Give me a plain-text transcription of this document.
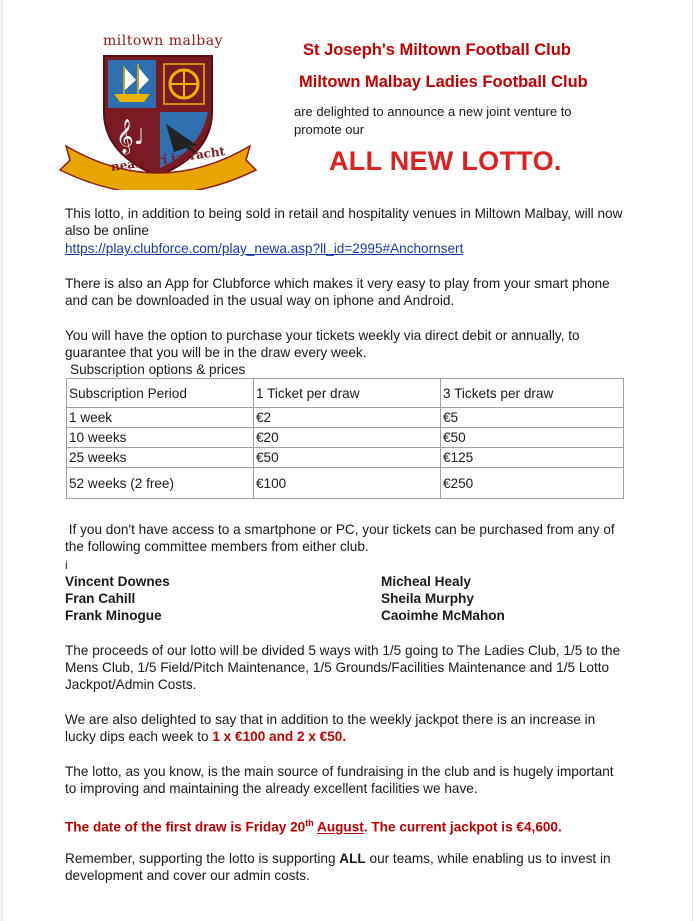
miltown malbay
𝄞 ♩
neart trí iarracht
St Joseph's Miltown Football Club
Miltown Malbay Ladies Football Club
are delighted to announce a new joint venture to promote our
ALL NEW LOTTO.
This lotto, in addition to being sold in retail and hospitality venues in Miltown Malbay, will now also be online
https://play.clubforce.com/play_newa.asp?ll_id=2995#Anchornsert
There is also an App for Clubforce which makes it very easy to play from your smart phone and can be downloaded in the usual way on iphone and Android.
You will have the option to purchase your tickets weekly via direct debit or annually, to guarantee that you will be in the draw every week.
Subscription options & prices
Subscription Period	1 Ticket per draw	3 Tickets per draw
1 week	€2	€5
10 weeks	€20	€50
25 weeks	€50	€125
52 weeks (2 free)	€100	€250
If you don't have access to a smartphone or PC, your tickets can be purchased from any of the following committee members from either club.
i
Vincent Downes
Fran Cahill
Frank Minogue
Micheal Healy
Sheila Murphy
Caoimhe McMahon
The proceeds of our lotto will be divided 5 ways with 1/5 going to The Ladies Club, 1/5 to the Mens Club, 1/5 Field/Pitch Maintenance, 1/5 Grounds/Facilities Maintenance and 1/5 Lotto Jackpot/Admin Costs.
We are also delighted to say that in addition to the weekly jackpot there is an increase in lucky dips each week to 1 x €100 and 2 x €50.
The lotto, as you know, is the main source of fundraising in the club and is hugely important to improving and maintaining the already excellent facilities we have.
The date of the first draw is Friday 20th August. The current jackpot is €4,600.
Remember, supporting the lotto is supporting ALL our teams, while enabling us to invest in development and cover our admin costs.
